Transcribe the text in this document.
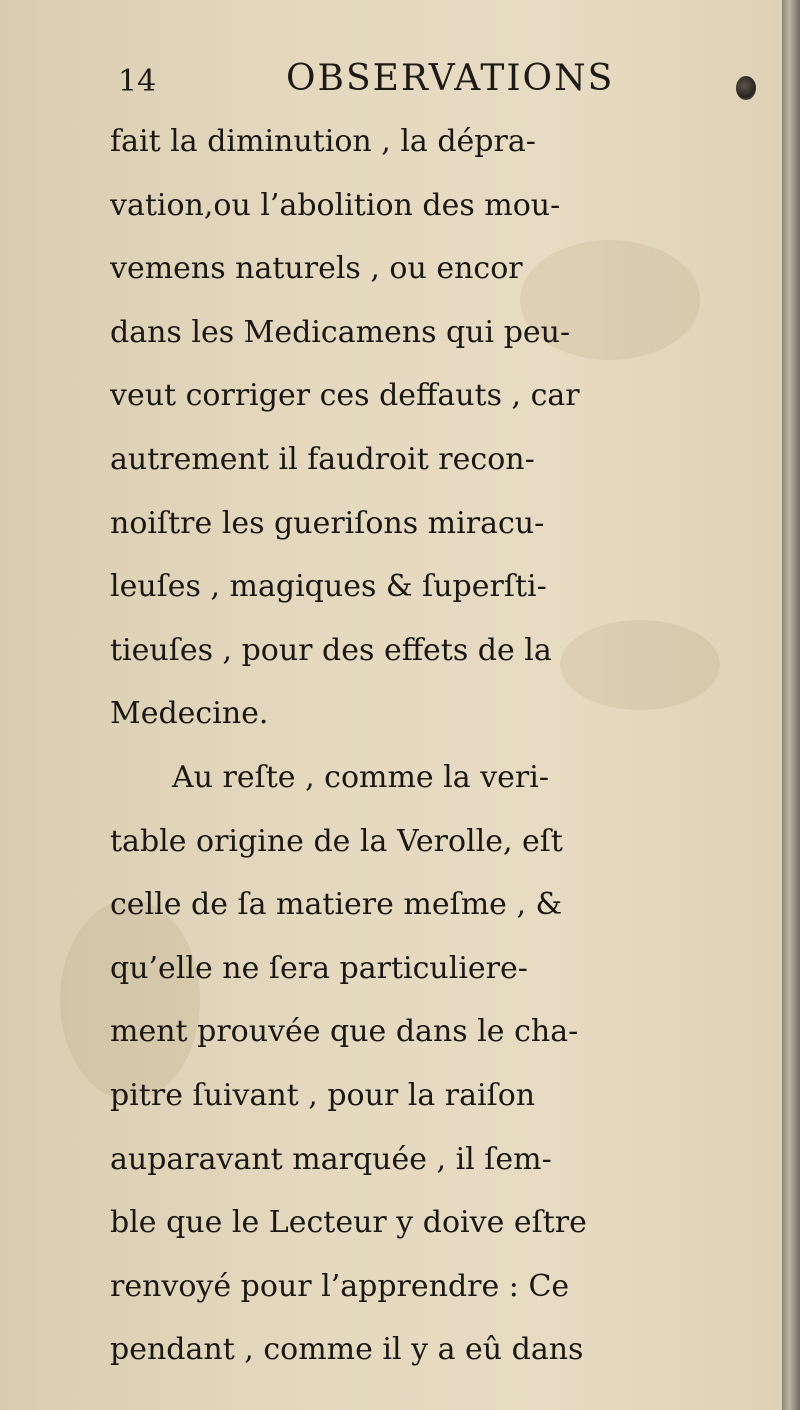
14	OBSERVATIONS
fait la diminution , la dépra-
vation,ou l’abolition des mou-
vemens naturels , ou encor
dans les Medicamens qui peu-
veut corriger ces deffauts , car
autrement il faudroit recon-
noiſtre les gueriſons miracu-
leuſes , magiques & ſuperſti-
tieuſes , pour des effets de la
Medecine.
Au reſte , comme la veri-
table origine de la Verolle, eſt
celle de ſa matiere meſme , &
qu’elle ne ſera particuliere-
ment prouvée que dans le cha-
pitre ſuivant , pour la raiſon
auparavant marquée , il ſem-
ble que le Lecteur y doive eſtre
renvoyé pour l’apprendre : Ce
pendant , comme il y a eû dans
